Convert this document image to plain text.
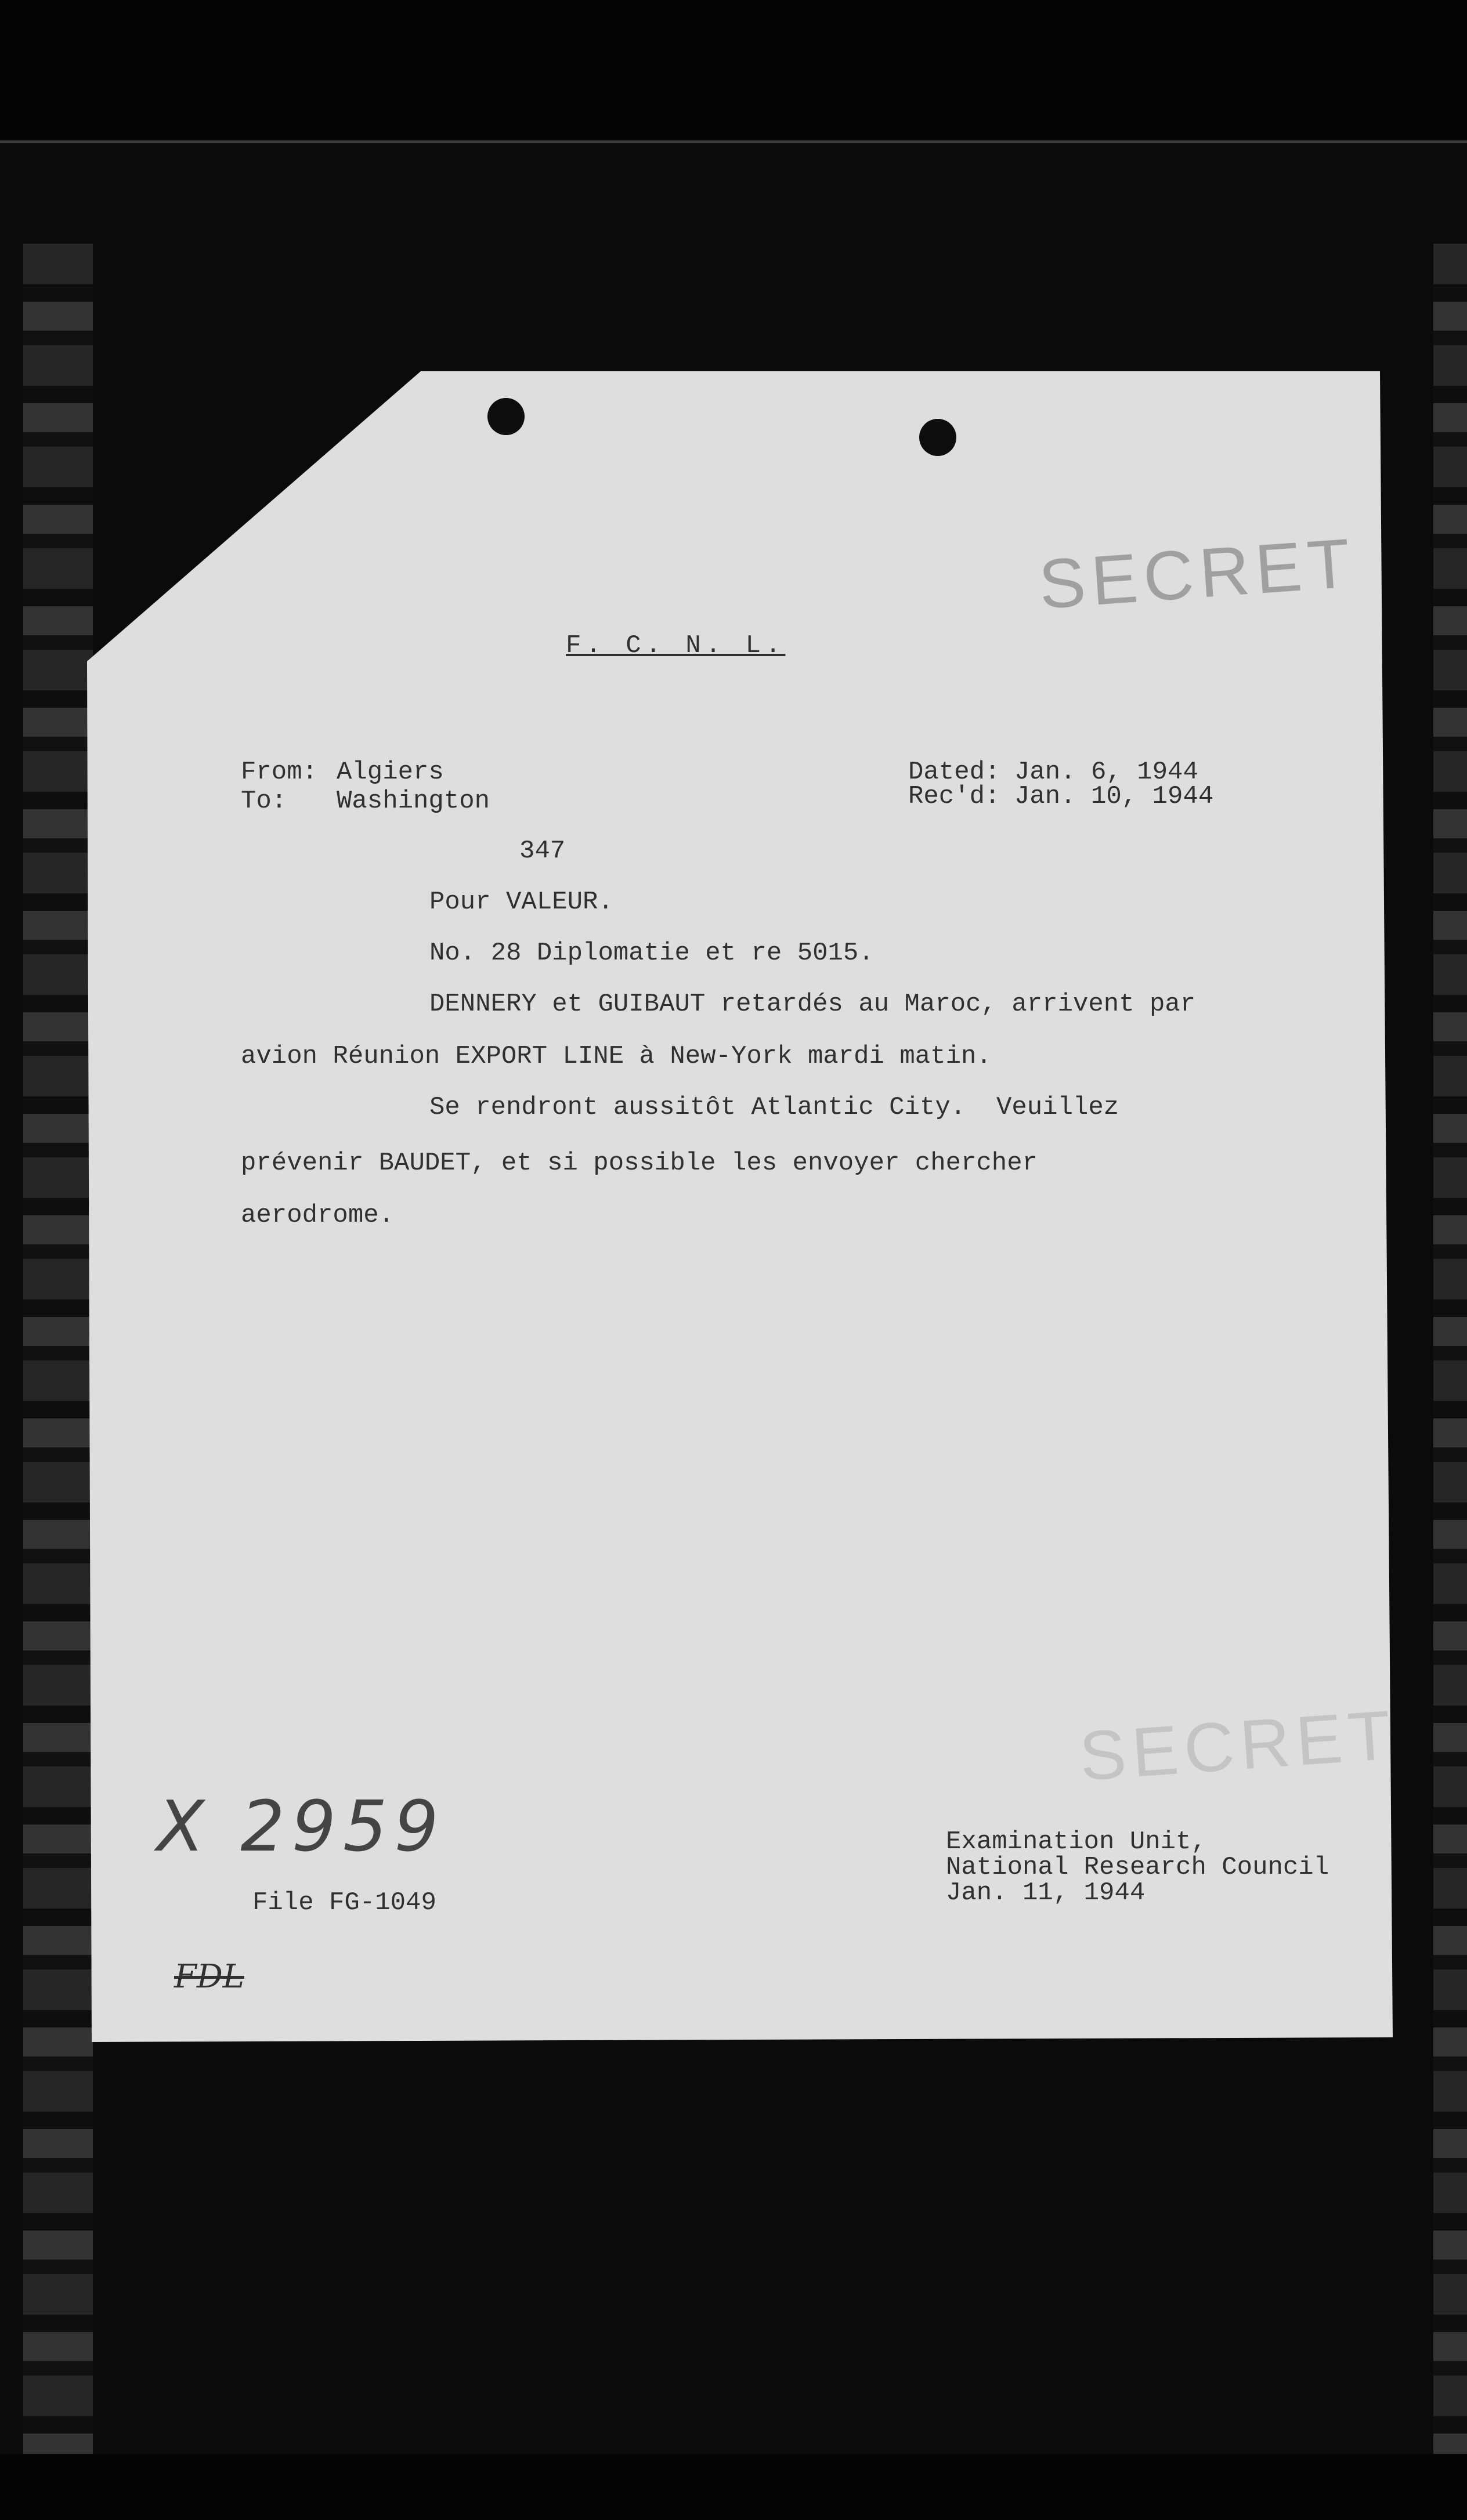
SECRET
SECRET
F. C. N. L.
From: Algiers
To: Washington
Dated: Jan. 6, 1944
Rec'd: Jan. 10, 1944
347
Pour VALEUR.
No. 28 Diplomatie et re 5015.
DENNERY et GUIBAUT retardés au Maroc, arrivent par
avion Réunion EXPORT LINE à New-York mardi matin.
Se rendront aussitôt Atlantic City.  Veuillez
prévenir BAUDET, et si possible les envoyer chercher
aerodrome.
X 2959
File FG-1049
FDL
Examination Unit,
National Research Council
Jan. 11, 1944
